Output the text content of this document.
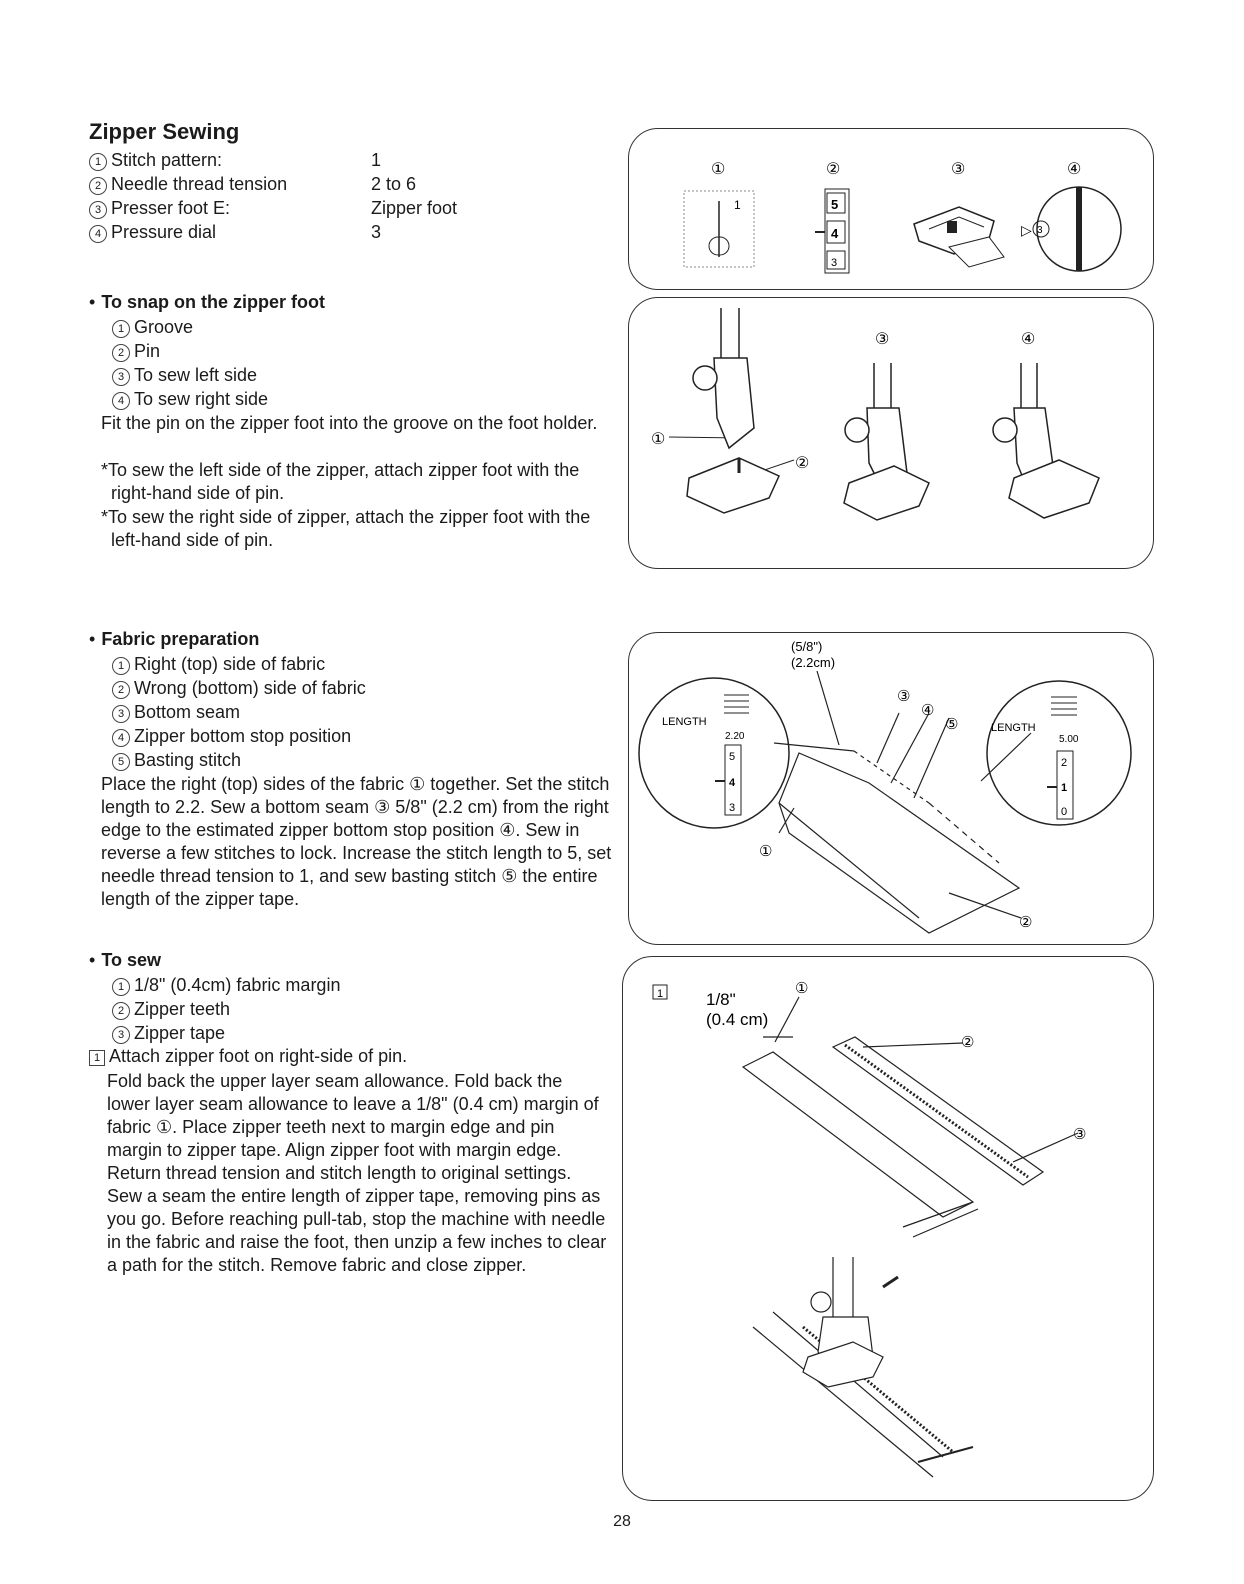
Zipper Sewing
1 Stitch pattern:	1
2 Needle thread tension	2 to 6
3 Presser foot E:	Zipper foot
4 Pressure dial	3
• To snap on the zipper foot
1 Groove
2 Pin
3 To sew left side
4 To sew right side
Fit the pin on the zipper foot into the groove on the foot holder.
*To sew the left side of the zipper, attach zipper foot with the right-hand side of pin.
*To sew the right side of zipper, attach the zipper foot with the left-hand side of pin.
• Fabric preparation
1 Right (top) side of fabric
2 Wrong (bottom) side of fabric
3 Bottom seam
4 Zipper bottom stop position
5 Basting stitch
Place the right (top) sides of the fabric ① together. Set the stitch length to 2.2. Sew a bottom seam ③ 5/8" (2.2 cm) from the right edge to the estimated zipper bottom stop position ④. Sew in reverse a few stitches to lock. Increase the stitch length to 5, set needle thread tension to 1, and sew basting stitch ⑤ the entire length of the zipper tape.
• To sew
1 1/8" (0.4cm) fabric margin
2 Zipper teeth
3 Zipper tape
1 Attach zipper foot on right-side of pin.
Fold back the upper layer seam allowance. Fold back the lower layer seam allowance to leave a 1/8" (0.4 cm) margin of fabric ①. Place zipper teeth next to margin edge and pin margin to zipper tape. Align zipper foot with margin edge. Return thread tension and stitch length to original settings. Sew a seam the entire length of zipper tape, removing pins as you go. Before reaching pull-tab, stop the machine with needle in the fabric and raise the foot, then unzip a few inches to clear a path for the stitch. Remove fabric and close zipper.
①	②	③	④
1	5
4
3
▷ 3
①
②
③	④
(5/8")
(2.2cm)
LENGTH
2.20
5
4
3
LENGTH
5.00
2
1
0
③
④
⑤
①
②
1	1/8"
(0.4 cm)
①
②
③
28
